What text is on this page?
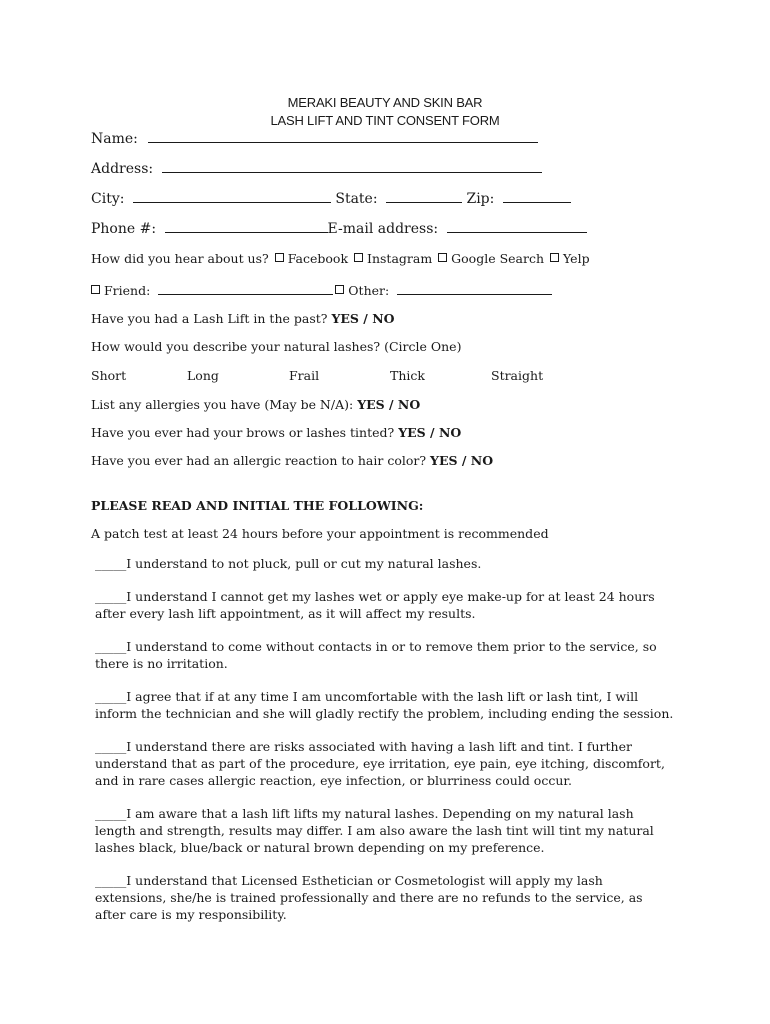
MERAKI BEAUTY AND SKIN BAR
LASH LIFT AND TINT CONSENT FORM
Name:
Address:
City:	State:	Zip:
Phone #:	E-mail address:
How did you hear about us? Facebook Instagram Google Search Yelp
Friend:	Other:
Have you had a Lash Lift in the past? YES / NO
How would you describe your natural lashes? (Circle One)
Short	Long	Frail	Thick	Straight
List any allergies you have (May be N/A): YES / NO
Have you ever had your brows or lashes tinted? YES / NO
Have you ever had an allergic reaction to hair color? YES / NO
PLEASE READ AND INITIAL THE FOLLOWING:
A patch test at least 24 hours before your appointment is recommended
_____I understand to not pluck, pull or cut my natural lashes.
_____I understand I cannot get my lashes wet or apply eye make-up for at least 24 hours after every lash lift appointment, as it will affect my results.
_____I understand to come without contacts in or to remove them prior to the service, so there is no irritation.
_____I agree that if at any time I am uncomfortable with the lash lift or lash tint, I will inform the technician and she will gladly rectify the problem, including ending the session.
_____I understand there are risks associated with having a lash lift and tint. I further understand that as part of the procedure, eye irritation, eye pain, eye itching, discomfort, and in rare cases allergic reaction, eye infection, or blurriness could occur.
_____I am aware that a lash lift lifts my natural lashes. Depending on my natural lash length and strength, results may differ. I am also aware the lash tint will tint my natural lashes black, blue/back or natural brown depending on my preference.
_____I understand that Licensed Esthetician or Cosmetologist will apply my lash extensions, she/he is trained professionally and there are no refunds to the service, as after care is my responsibility.
